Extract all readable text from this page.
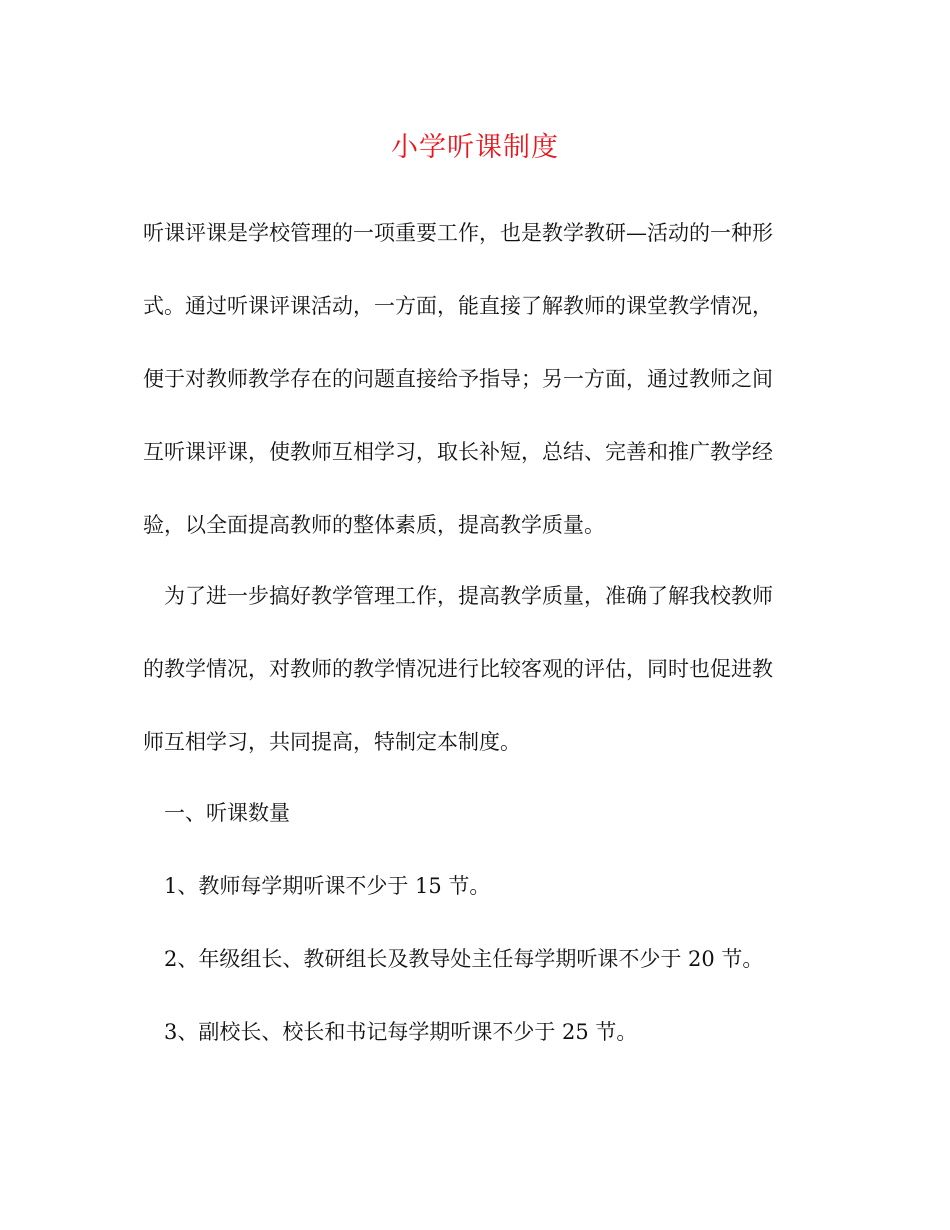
小学听课制度
听课评课是学校管理的一项重要工作，也是教学教研—活动的一种形
式。通过听课评课活动，一方面，能直接了解教师的课堂教学情况，
便于对教师教学存在的问题直接给予指导；另一方面，通过教师之间
互听课评课，使教师互相学习，取长补短，总结、完善和推广教学经
验，以全面提高教师的整体素质，提高教学质量。
为了进一步搞好教学管理工作，提高教学质量，准确了解我校教师
的教学情况，对教师的教学情况进行比较客观的评估，同时也促进教
师互相学习，共同提高，特制定本制度。
一、听课数量
1、教师每学期听课不少于 15 节。
2、年级组长、教研组长及教导处主任每学期听课不少于 20 节。
3、副校长、校长和书记每学期听课不少于 25 节。
